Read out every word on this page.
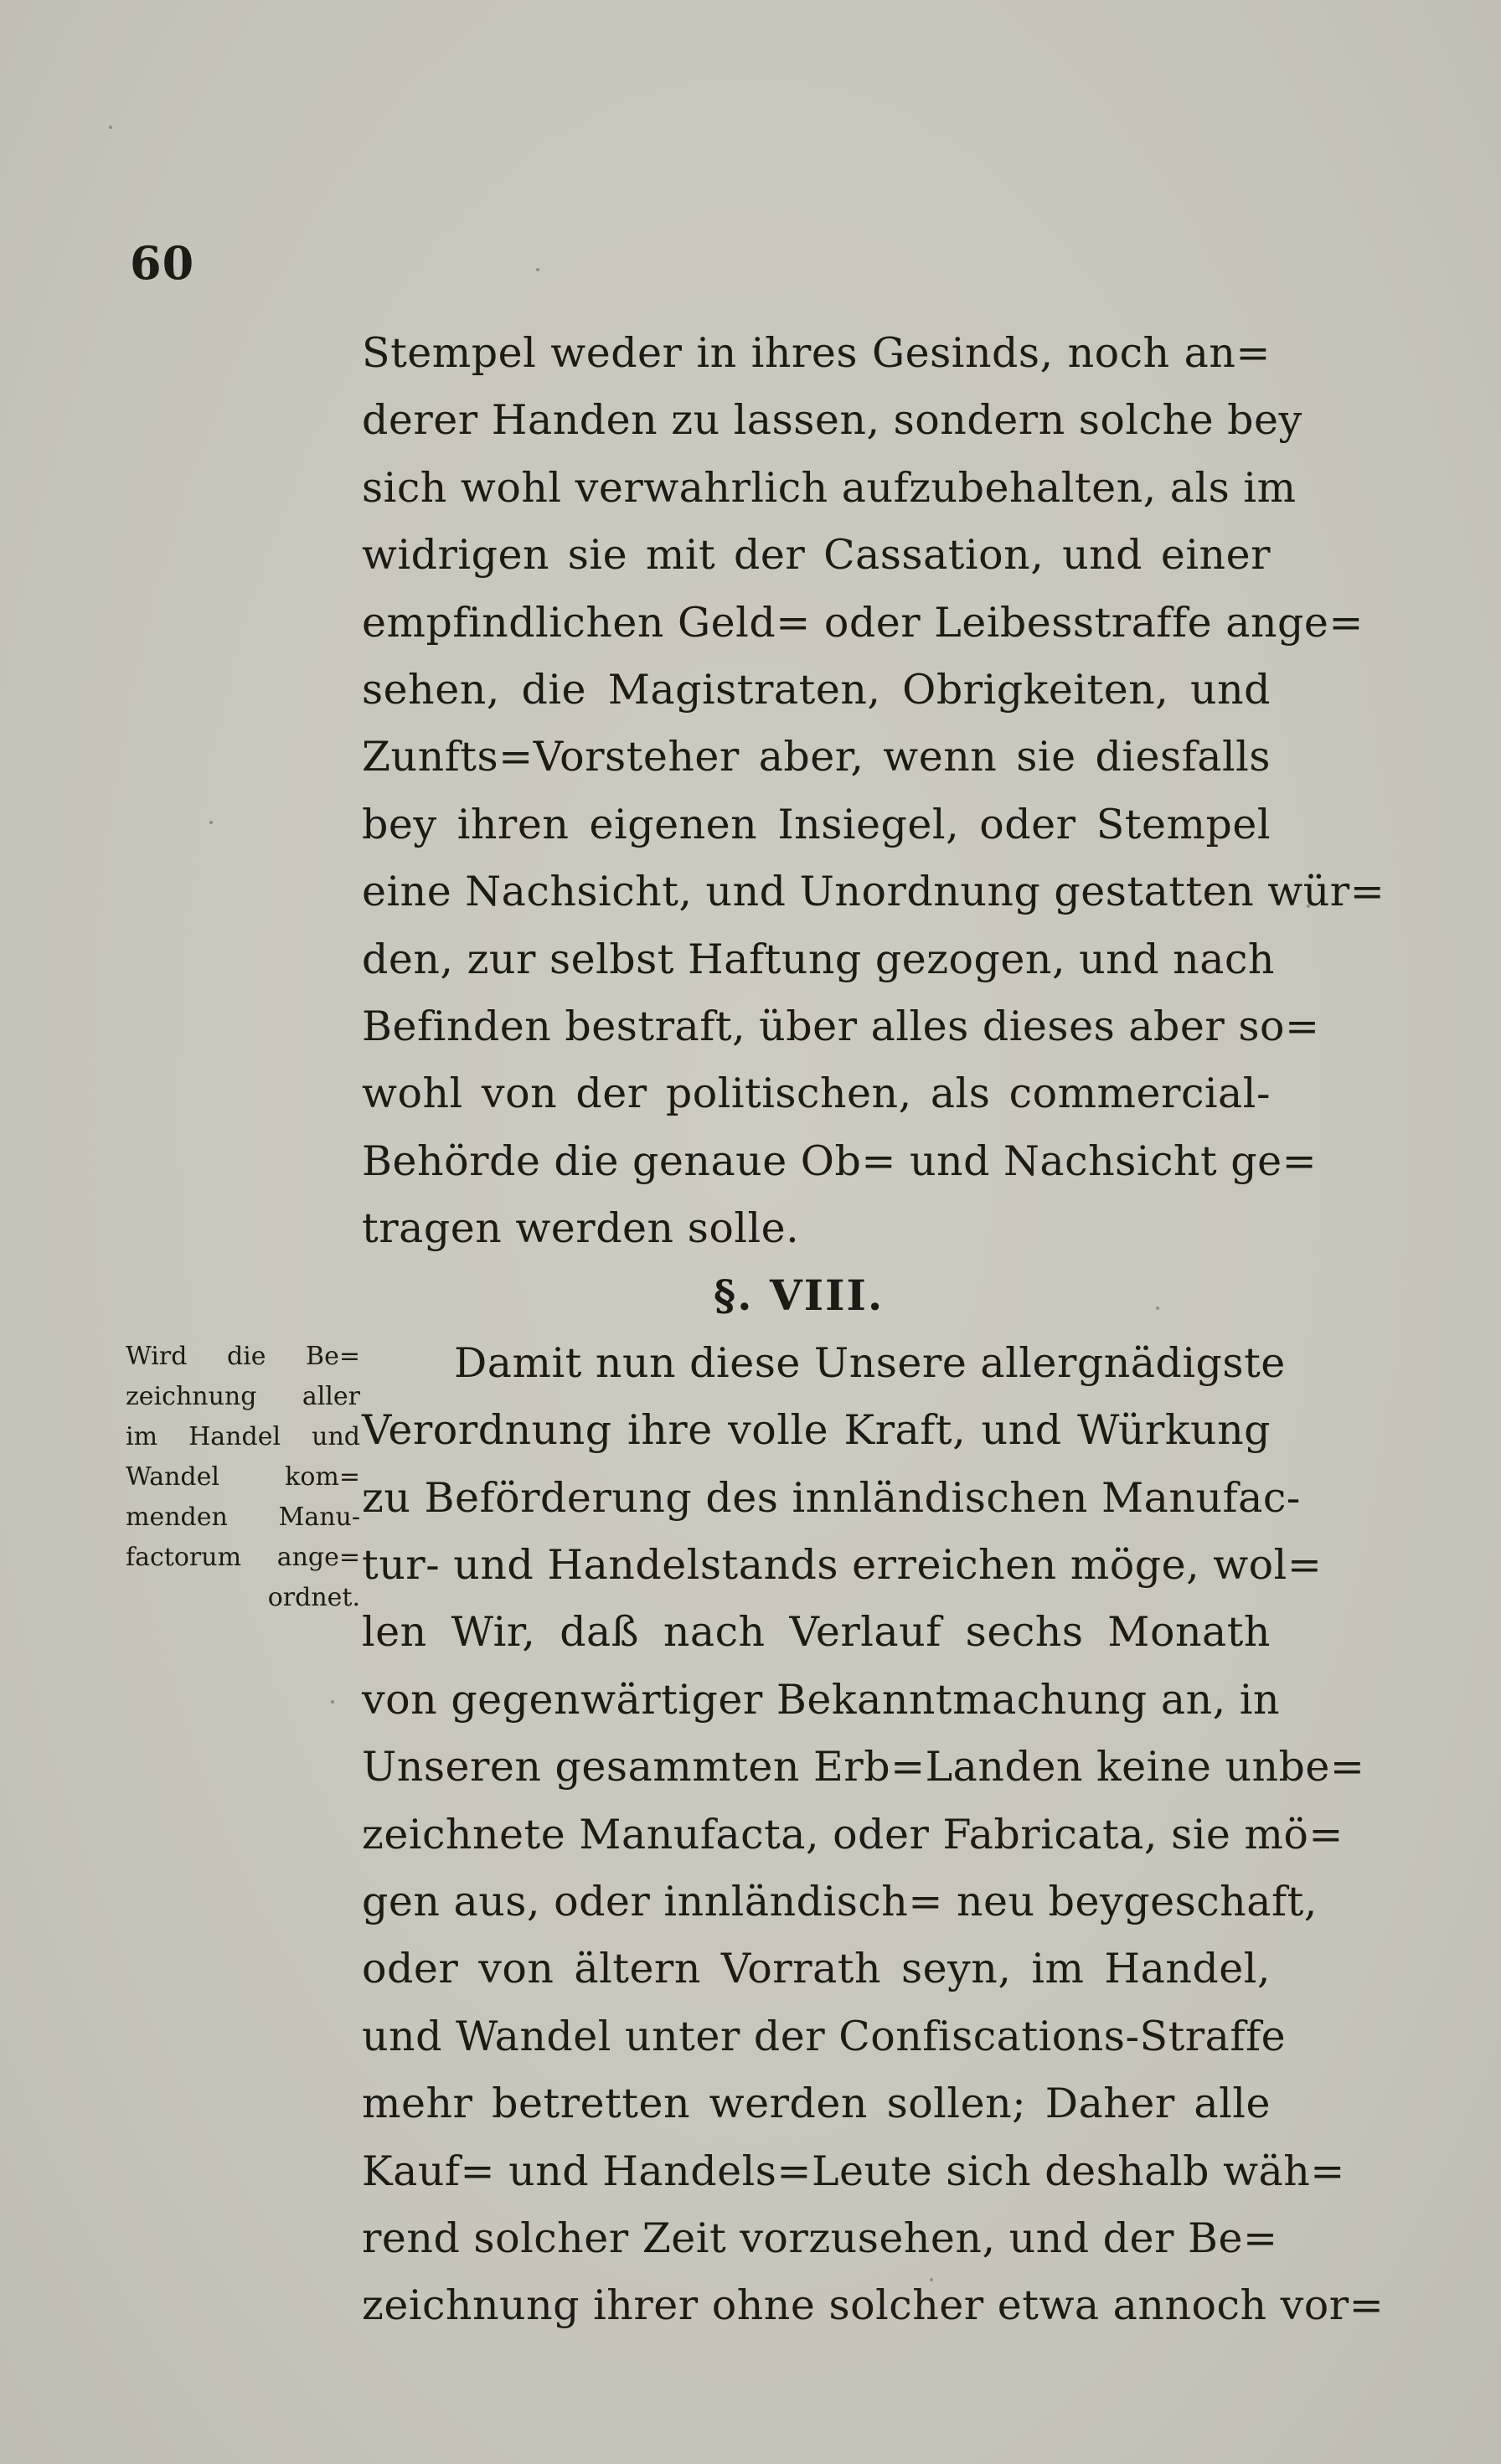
60
Stempel weder in ihres Gesinds, noch an=
derer Handen zu lassen, sondern solche bey
sich wohl verwahrlich aufzubehalten, als im
widrigen sie mit der Cassation, und einer
empfindlichen Geld= oder Leibesstraffe ange=
sehen, die Magistraten, Obrigkeiten, und
Zunfts=Vorsteher aber, wenn sie diesfalls
bey ihren eigenen Insiegel, oder Stempel
eine Nachsicht, und Unordnung gestatten wür=
den, zur selbst Haftung gezogen, und nach
Befinden bestraft, über alles dieses aber so=
wohl von der politischen, als commercial-
Behörde die genaue Ob= und Nachsicht ge=
tragen werden solle.
§. VIII.
Damit nun diese Unsere allergnädigste
Verordnung ihre volle Kraft, und Würkung
zu Beförderung des innländischen Manufac-
tur- und Handelstands erreichen möge, wol=
len Wir, daß nach Verlauf sechs Monath
von gegenwärtiger Bekanntmachung an, in
Unseren gesammten Erb=Landen keine unbe=
zeichnete Manufacta, oder Fabricata, sie mö=
gen aus, oder innländisch= neu beygeschaft,
oder von ältern Vorrath seyn, im Handel,
und Wandel unter der Confiscations-Straffe
mehr betretten werden sollen; Daher alle
Kauf= und Handels=Leute sich deshalb wäh=
rend solcher Zeit vorzusehen, und der Be=
zeichnung ihrer ohne solcher etwa annoch vor=
Wird die Be=
zeichnung aller
im Handel und
Wandel kom=
menden Manu-
factorum ange=
ordnet.
